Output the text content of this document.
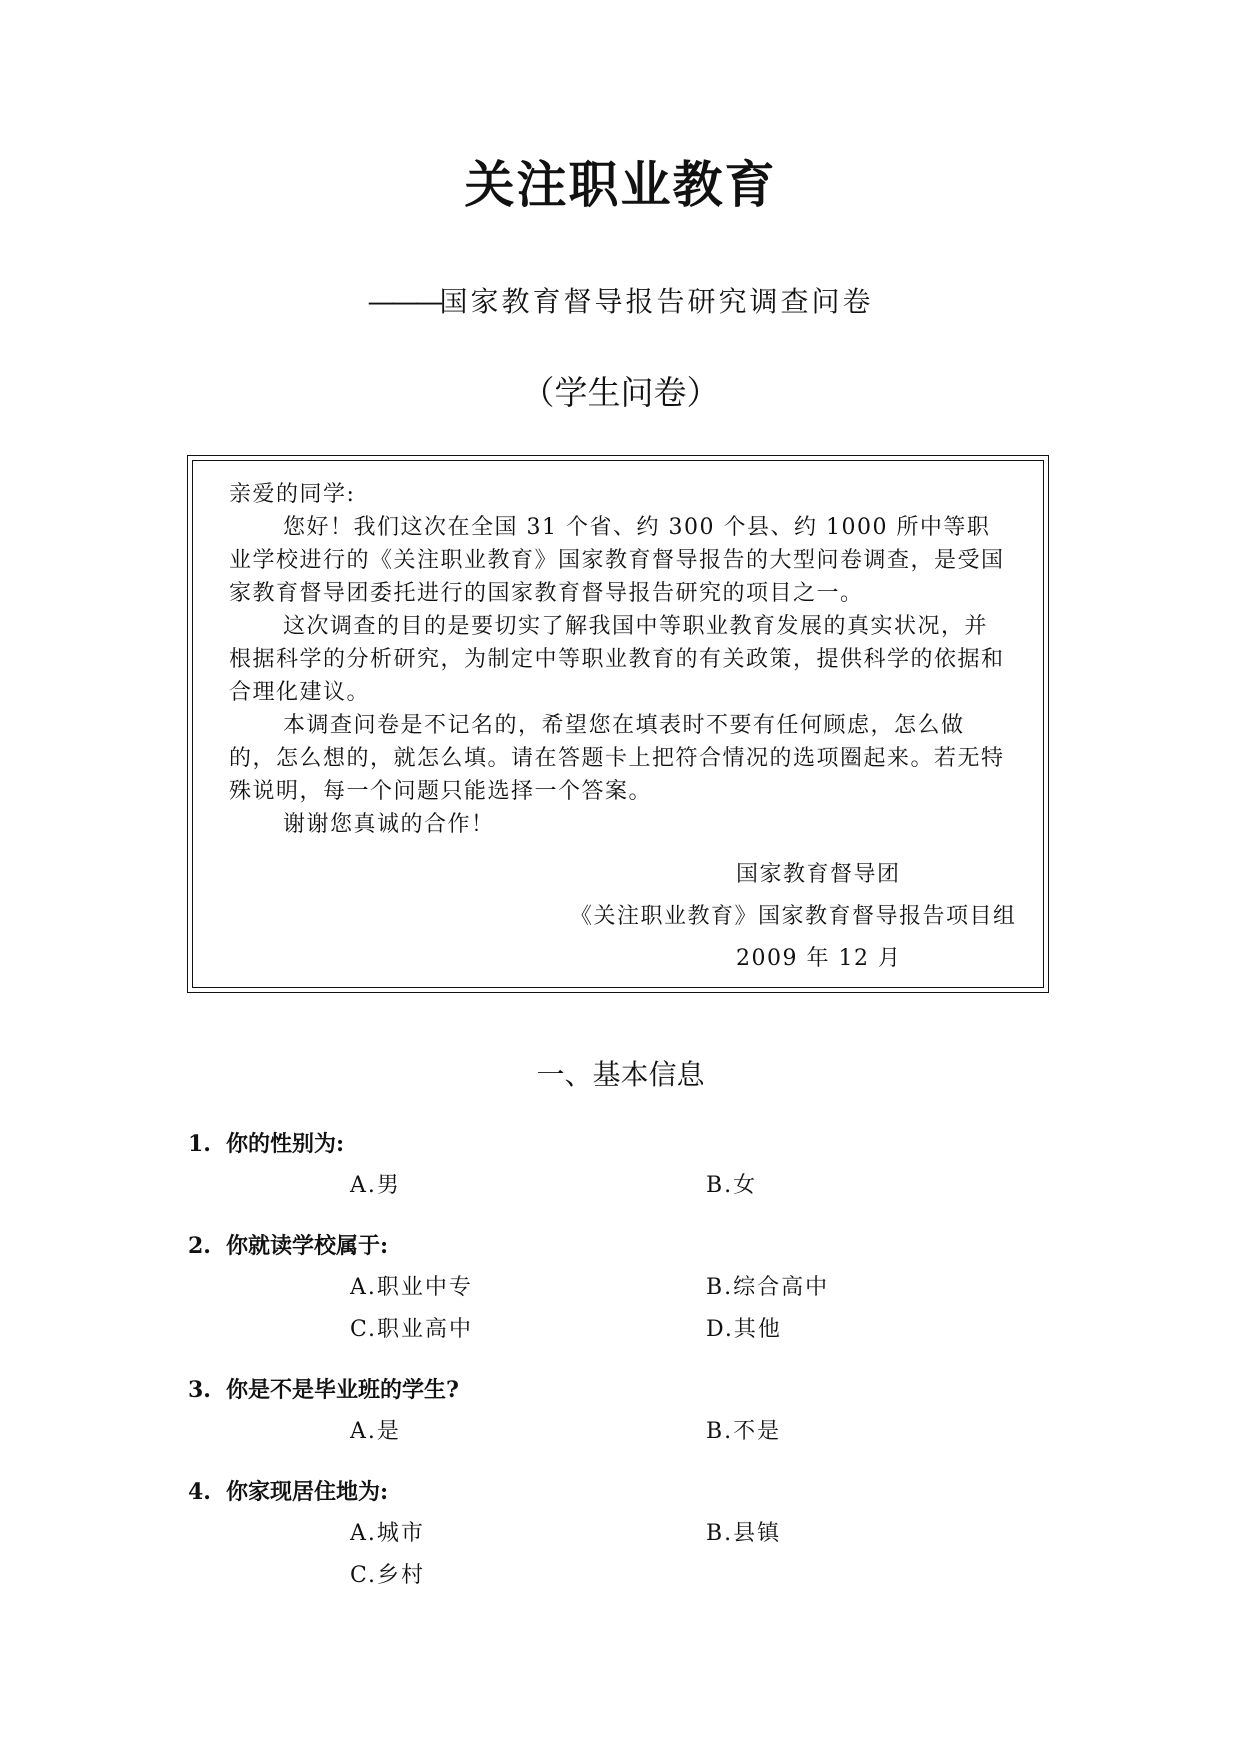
关注职业教育
———国家教育督导报告研究调查问卷
（学生问卷）

亲爱的同学:

您好！我们这次在全国 31 个省、约 300 个县、约 1000 所中等职业学校进行的《关注职业教育》国家教育督导报告的大型问卷调查，是受国家教育督导团委托进行的国家教育督导报告研究的项目之一。

这次调查的目的是要切实了解我国中等职业教育发展的真实状况，并根据科学的分析研究，为制定中等职业教育的有关政策，提供科学的依据和合理化建议。

本调查问卷是不记名的，希望您在填表时不要有任何顾虑，怎么做的，怎么想的，就怎么填。请在答题卡上把符合情况的选项圈起来。若无特殊说明，每一个问题只能选择一个答案。

谢谢您真诚的合作！

国家教育督导团
《关注职业教育》国家教育督导报告项目组
2009 年 12 月
一、基本信息
1. 你的性别为:
A.男	B.女
2. 你就读学校属于:
A.职业中专	B.综合高中
C.职业高中	D.其他
3. 你是不是毕业班的学生?
A.是	B.不是
4. 你家现居住地为:
A.城市	B.县镇
C.乡村
